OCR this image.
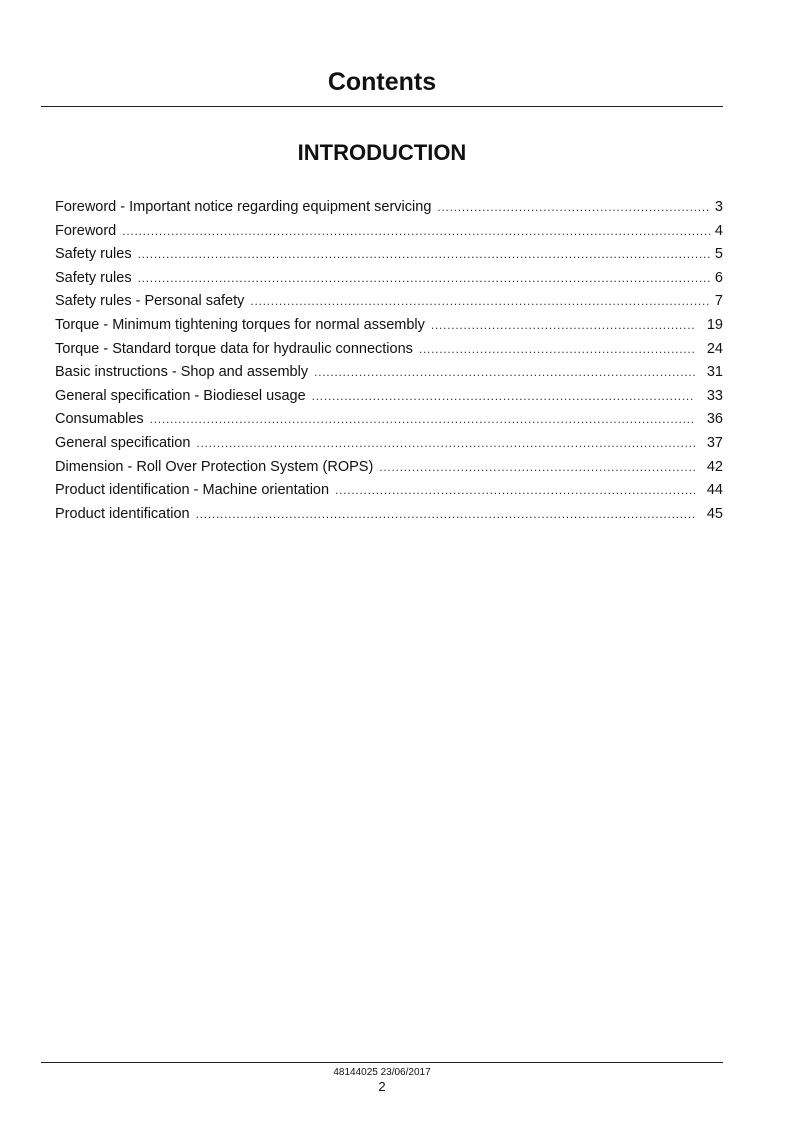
Contents
INTRODUCTION
Foreword - Important notice regarding equipment servicing . . .	3
Foreword . . .	4
Safety rules . . .	5
Safety rules . . .	6
Safety rules - Personal safety . . .	7
Torque - Minimum tightening torques for normal assembly . . .	19
Torque - Standard torque data for hydraulic connections . . .	24
Basic instructions - Shop and assembly . . .	31
General specification - Biodiesel usage . . .	33
Consumables . . .	36
General specification . . .	37
Dimension - Roll Over Protection System (ROPS) . . .	42
Product identification - Machine orientation . . .	44
Product identification . . .	45
48144025 23/06/2017
2
